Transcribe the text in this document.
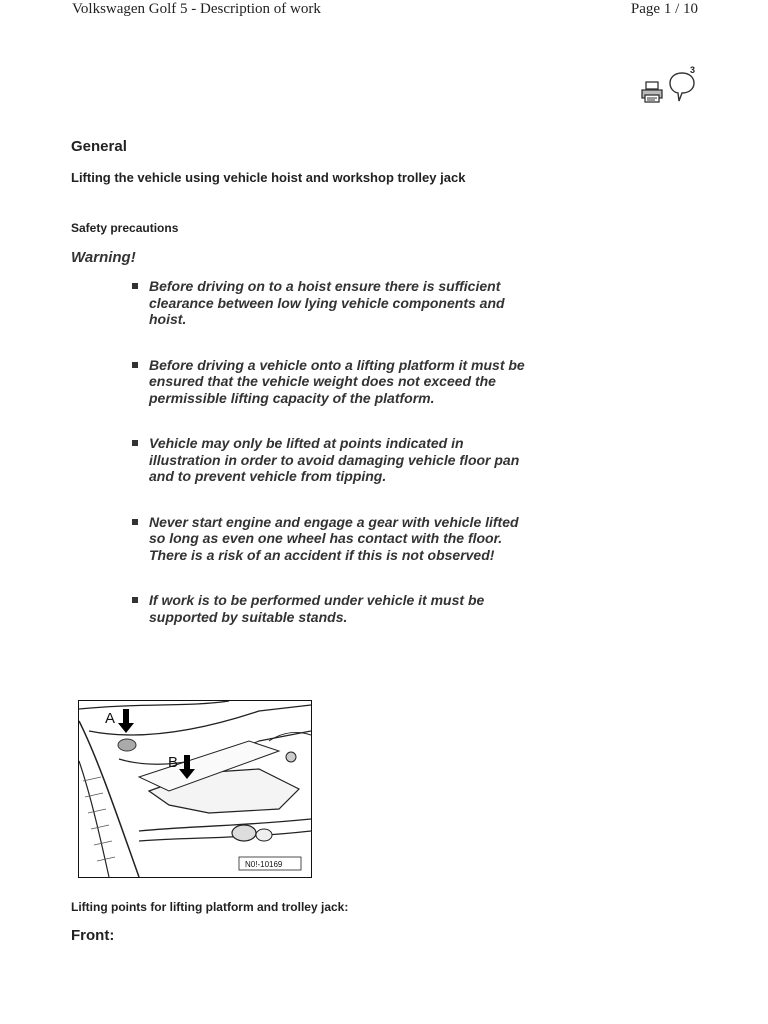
Volkswagen Golf 5 - Description of work	Page 1 / 10
3
General
Lifting the vehicle using vehicle hoist and workshop trolley jack
Safety precautions
Warning!
Before driving on to a hoist ensure there is sufficient clearance between low lying vehicle components and hoist.
Before driving a vehicle onto a lifting platform it must be ensured that the vehicle weight does not exceed the permissible lifting capacity of the platform.
Vehicle may only be lifted at points indicated in illustration in order to avoid damaging vehicle floor pan and to prevent vehicle from tipping.
Never start engine and engage a gear with vehicle lifted so long as even one wheel has contact with the floor. There is a risk of an accident if this is not observed!
If work is to be performed under vehicle it must be supported by suitable stands.
A
B
N0!-10169

Lifting points for lifting platform and trolley jack:

Front:
